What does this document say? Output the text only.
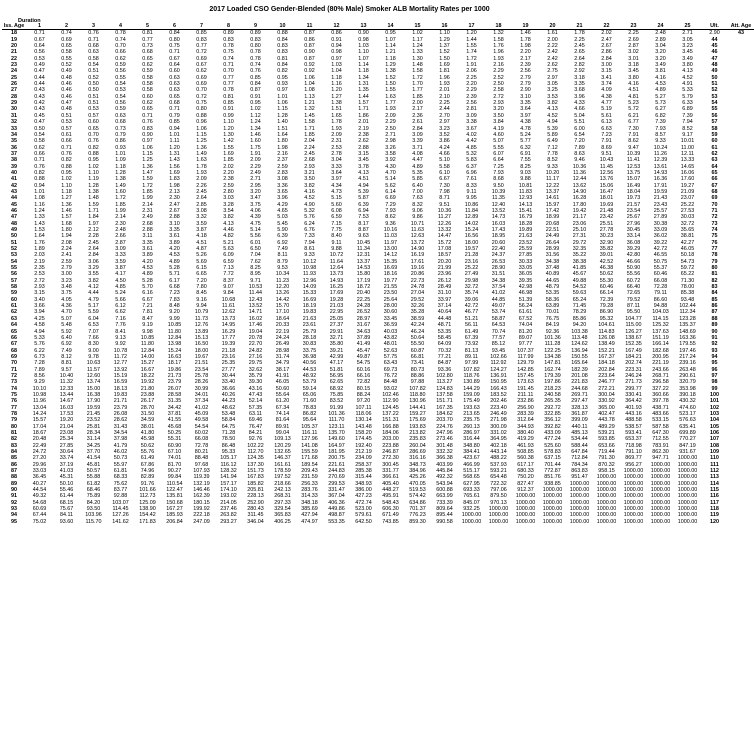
2017 Loaded CSO Gender-Blended (80% Male) Smoker ALB Mortality Rates per 1000
Duration
Iss. Age	1	2	3	4	5	6	7	8	9	10	11	12	13	14	15	16	17	18	19	20	21	22	23	24	25	Ult.	Att. Age
18	0.71	0.74	0.76	0.78	0.81	0.84	0.85	0.89	0.89	0.88	0.87	0.86	0.90	0.95	1.02	1.10	1.20	1.32	1.46	1.61	1.78	2.02	2.25	2.48	2.71	2.90	43
19	0.67	0.69	0.71	0.74	0.77	0.80	0.83	0.83	0.83	0.84	0.86	0.91	0.98	1.07	1.17	1.29	1.44	1.58	1.78	2.00	2.25	2.47	2.69	2.89	3.05	44	
20	0.64	0.65	0.68	0.70	0.73	0.75	0.77	0.78	0.80	0.83	0.87	0.94	1.03	1.14	1.24	1.37	1.55	1.76	1.98	2.22	2.45	2.67	2.87	3.04	3.23	45	
21	0.56	0.58	0.63	0.66	0.68	0.71	0.72	0.75	0.78	0.83	0.90	0.98	1.10	1.21	1.33	1.52	1.74	1.96	2.20	2.42	2.65	2.86	3.02	3.20	3.45	46	
22	0.53	0.55	0.58	0.62	0.65	0.67	0.69	0.74	0.78	0.81	0.87	0.97	1.07	1.18	1.30	1.50	1.72	1.93	2.17	2.42	2.64	2.84	3.01	3.20	3.49	47	
23	0.49	0.52	0.54	0.59	0.62	0.64	0.67	0.71	0.74	0.84	0.92	1.03	1.14	1.29	1.48	1.69	1.91	2.16	2.39	2.62	2.82	3.00	3.18	3.49	3.80	48	
24	0.47	0.49	0.51	0.56	0.59	0.60	0.62	0.70	0.76	0.82	0.92	1.04	1.18	1.38	1.58	1.81	2.06	2.29	2.56	2.75	2.92	3.15	3.45	3.81	4.13	49	
25	0.44	0.48	0.52	0.55	0.58	0.63	0.69	0.77	0.85	0.95	1.06	1.18	1.34	1.52	1.72	1.96	2.25	2.52	2.79	2.97	3.18	3.41	3.80	4.16	4.52	50	
26	0.44	0.46	0.50	0.54	0.58	0.63	0.69	0.77	0.84	0.93	1.04	1.16	1.31	1.50	1.70	1.93	2.20	2.50	2.79	3.05	3.35	3.74	4.16	4.53	4.91	51	
27	0.43	0.46	0.50	0.53	0.58	0.63	0.70	0.78	0.87	0.97	1.08	1.20	1.35	1.55	1.77	2.01	2.29	2.58	2.90	3.25	3.68	4.09	4.51	4.89	5.33	52	
28	0.43	0.46	0.51	0.54	0.60	0.65	0.72	0.81	0.91	1.01	1.13	1.27	1.44	1.63	1.85	2.10	2.39	2.72	3.10	3.53	3.96	4.38	4.81	5.27	5.79	53	
29	0.42	0.47	0.51	0.56	0.62	0.68	0.75	0.85	0.95	1.06	1.21	1.38	1.57	1.77	2.00	2.25	2.56	2.93	3.35	3.82	4.33	4.77	5.23	5.73	6.33	54	
30	0.43	0.48	0.53	0.59	0.65	0.71	0.80	0.91	1.02	1.15	1.32	1.51	1.71	1.93	2.17	2.44	2.81	3.20	3.64	4.13	4.66	5.19	5.72	6.27	6.89	55	
31	0.45	0.51	0.57	0.63	0.71	0.79	0.88	0.99	1.12	1.28	1.45	1.65	1.86	2.09	2.36	2.70	3.09	3.50	3.97	4.52	5.04	5.61	6.21	6.82	7.39	56	
32	0.47	0.53	0.60	0.68	0.76	0.85	0.96	1.10	1.24	1.40	1.58	1.78	2.01	2.29	2.61	2.97	3.38	3.84	4.38	4.94	5.51	6.13	6.77	7.39	7.94	57	
33	0.50	0.57	0.65	0.73	0.83	0.94	1.06	1.20	1.34	1.51	1.71	1.93	2.19	2.50	2.84	3.23	3.67	4.19	4.78	5.39	6.00	6.63	7.30	7.93	8.52	58	
34	0.54	0.61	0.70	0.79	0.90	1.01	1.15	1.30	1.46	1.64	1.85	2.09	2.38	2.71	3.09	3.52	4.02	4.60	5.24	5.89	6.54	7.23	7.91	8.57	9.17	59	
35	0.58	0.66	0.76	0.86	0.97	1.11	1.25	1.42	1.60	1.80	2.04	2.31	2.62	2.98	3.39	3.86	4.42	5.07	5.77	6.49	7.20	7.91	8.62	9.33	10.01	60	
36	0.62	0.71	0.82	0.93	1.06	1.20	1.36	1.55	1.75	1.98	2.24	2.53	2.88	3.26	3.71	4.24	4.85	5.55	6.32	7.12	7.89	8.69	9.47	10.24	11.00	61	
37	0.66	0.76	0.88	1.01	1.15	1.31	1.49	1.69	1.91	2.16	2.45	2.78	3.15	3.58	4.08	4.66	5.32	6.07	6.91	7.78	8.63	9.51	10.39	11.26	12.11	62	
38	0.71	0.82	0.95	1.09	1.25	1.43	1.63	1.85	2.09	2.37	2.68	3.04	3.45	3.92	4.47	5.10	5.83	6.64	7.55	8.52	9.46	10.43	11.41	12.39	13.33	63	
39	0.76	0.88	1.02	1.18	1.36	1.56	1.78	2.02	2.29	2.59	2.93	3.33	3.78	4.30	4.89	5.58	6.37	7.25	8.25	9.33	10.36	11.45	12.53	13.61	14.65	64	
40	0.82	0.95	1.10	1.28	1.47	1.69	1.93	2.20	2.49	2.83	3.21	3.64	4.13	4.70	5.35	6.10	6.96	7.93	9.03	10.20	11.36	12.56	13.75	14.93	16.06	65	
41	0.88	1.02	1.19	1.38	1.59	1.83	2.09	2.38	2.71	3.08	3.50	3.97	4.51	5.14	5.85	6.67	7.61	8.68	9.88	11.17	12.44	13.76	15.07	16.36	17.60	66	
42	0.94	1.10	1.28	1.49	1.72	1.98	2.26	2.59	2.95	3.36	3.82	4.34	4.94	5.62	6.40	7.30	8.33	9.50	10.81	12.22	13.62	15.06	16.49	17.91	19.27	67	
43	1.01	1.18	1.38	1.60	1.85	2.13	2.45	2.80	3.20	3.65	4.16	4.73	5.39	6.14	7.00	7.98	9.11	10.39	11.83	13.37	14.90	16.47	18.04	19.59	21.09	68	
44	1.08	1.27	1.48	1.72	1.99	2.30	2.64	3.03	3.47	3.96	4.52	5.15	5.87	6.69	7.63	8.71	9.95	11.35	12.93	14.61	16.28	18.01	19.73	21.43	23.07	69	
45	1.16	1.36	1.59	1.85	2.14	2.47	2.85	3.28	3.75	4.29	4.90	5.60	6.39	7.29	8.32	9.51	10.86	12.40	14.13	15.97	17.80	19.69	21.57	23.43	25.22	70	
46	1.24	1.46	1.71	1.99	2.31	2.67	3.08	3.54	4.06	4.65	5.32	6.08	6.94	7.93	9.06	10.36	11.84	13.52	15.41	17.42	19.42	21.48	23.54	25.57	27.53	71	
47	1.33	1.57	1.84	2.14	2.49	2.88	3.32	3.82	4.39	5.03	5.76	6.59	7.53	8.62	9.86	11.27	12.89	14.73	16.79	18.99	21.17	23.42	25.67	27.89	30.03	72	
48	1.43	1.68	1.97	2.30	2.68	3.10	3.59	4.13	4.75	5.45	6.24	7.15	8.17	9.36	10.71	12.26	14.02	16.03	18.28	20.68	23.06	25.51	27.96	30.38	32.72	73	
49	1.53	1.80	2.12	2.48	2.88	3.35	3.87	4.46	5.14	5.90	6.76	7.75	8.87	10.16	11.63	13.32	15.24	17.43	19.89	22.51	25.10	27.78	30.45	33.09	35.65	74	
50	1.64	1.94	2.28	2.66	3.11	3.61	4.18	4.82	5.56	6.39	7.33	8.40	9.63	11.03	12.63	14.47	16.56	18.95	21.63	24.49	27.31	30.23	33.14	36.02	38.81	75	
51	1.76	2.08	2.45	2.87	3.35	3.89	4.51	5.21	6.01	6.92	7.94	9.11	10.45	11.97	13.72	15.72	18.00	20.60	23.52	26.64	29.72	32.90	36.08	39.22	42.27	76	
52	1.89	2.24	2.64	3.09	3.61	4.20	4.87	5.63	6.50	7.49	8.61	9.88	11.34	13.00	14.90	17.08	19.57	22.40	25.59	28.99	32.35	35.82	39.29	42.72	46.05	77	
53	2.03	2.41	2.84	3.33	3.89	4.53	5.26	6.09	7.04	8.11	9.33	10.72	12.31	14.12	16.19	18.57	21.28	24.37	27.85	31.56	35.22	39.01	42.80	46.55	50.18	78	
54	2.19	2.59	3.06	3.59	4.20	4.89	5.69	6.59	7.62	8.79	10.12	11.64	13.37	15.35	17.61	20.20	23.16	26.53	30.33	34.38	38.38	42.52	46.66	50.75	54.73	79	
55	2.35	2.79	3.29	3.87	4.53	5.28	6.15	7.13	8.25	9.53	10.98	12.64	14.53	16.69	19.16	21.99	25.22	28.90	33.05	37.48	41.85	46.38	50.90	55.37	59.72	80	
56	2.53	3.00	3.55	4.17	4.89	5.71	6.65	7.72	8.95	10.34	11.93	13.73	15.80	18.16	20.86	23.96	27.49	31.51	36.05	40.89	45.67	50.62	55.56	60.46	65.22	81	
57	2.72	3.23	3.82	4.50	5.28	6.17	7.20	8.37	9.71	11.23	12.96	14.93	17.19	19.77	22.73	26.12	29.98	34.38	39.35	44.65	49.88	55.30	60.72	66.08	71.30	82	
58	2.93	3.48	4.12	4.85	5.70	6.68	7.80	9.07	10.53	12.20	14.09	16.25	18.72	21.55	24.78	28.49	32.72	37.54	42.98	48.79	54.52	60.46	66.40	72.28	78.00	83	
59	3.15	3.75	4.44	5.24	6.16	7.23	8.45	9.84	11.44	13.26	15.33	17.69	20.40	23.50	27.04	31.10	35.74	41.02	46.98	53.35	59.63	66.14	72.65	79.11	85.38	84	
60	3.40	4.05	4.79	5.66	6.67	7.83	9.16	10.68	12.43	14.42	16.69	19.28	22.25	25.64	29.52	33.97	39.06	44.85	51.39	58.36	65.24	72.39	79.52	86.60	93.48	85	
61	3.66	4.36	5.17	6.12	7.21	8.48	9.94	11.61	13.52	15.70	18.19	21.03	24.28	28.00	32.26	37.14	42.72	49.07	56.24	63.89	71.45	79.28	87.11	94.88	102.44	86	
62	3.94	4.70	5.59	6.62	7.81	9.20	10.79	12.62	14.71	17.10	19.83	22.95	26.52	30.60	35.28	40.64	46.77	53.74	61.61	70.01	78.29	86.90	95.50	104.03	112.34	87	
63	4.25	5.07	6.04	7.16	8.47	9.99	11.73	13.73	16.02	18.64	21.63	25.05	28.97	33.45	38.59	44.48	51.21	58.87	67.52	76.75	85.86	95.32	104.77	114.15	123.28	88	
64	4.58	5.48	6.53	7.76	9.19	10.85	12.76	14.95	17.46	20.33	23.61	27.37	31.67	36.59	42.24	48.71	56.11	64.53	74.04	84.19	94.20	104.61	115.00	125.32	135.37	89	
65	4.94	5.92	7.07	8.41	9.98	11.80	13.89	16.29	19.04	22.19	25.79	29.91	34.63	40.03	46.24	53.35	61.49	70.74	81.20	92.36	103.38	114.83	126.27	137.63	148.69	90	
66	5.33	6.40	7.66	9.13	10.85	12.84	15.13	17.77	20.78	24.24	28.18	32.71	37.89	43.82	50.64	58.45	67.39	77.57	89.07	101.36	113.48	126.08	138.67	151.19	163.36	91	
67	5.76	6.92	8.30	9.92	11.80	13.98	16.50	19.39	22.70	26.49	30.83	35.80	41.49	48.01	55.50	64.09	73.92	85.12	97.77	111.28	124.62	138.49	152.35	166.14	179.55	92	
68	6.22	7.49	9.00	10.78	12.84	15.24	18.00	21.18	24.82	28.98	33.75	39.21	45.47	52.63	60.87	70.32	81.13	93.45	107.37	122.25	136.94	152.21	167.49	182.68	197.46	93	
69	6.73	8.12	9.78	11.72	14.00	16.63	19.67	23.16	27.16	31.74	36.98	42.99	49.87	57.75	66.81	77.21	89.11	102.66	117.99	134.38	150.55	167.37	184.21	200.95	217.24	94	
70	7.28	8.81	10.63	12.77	15.27	18.17	21.51	25.35	29.75	34.79	40.56	47.17	54.75	63.43	73.41	84.87	97.99	112.92	129.79	147.81	165.64	184.18	202.74	221.19	239.16	95	
71	7.89	9.57	11.57	13.92	16.67	19.86	23.54	27.77	32.62	38.17	44.53	51.81	60.16	69.73	80.73	93.36	107.82	124.27	142.85	162.74	182.39	202.84	223.31	243.66	263.48	96	
72	8.56	10.40	12.60	15.19	18.22	21.73	25.78	30.44	35.79	41.91	48.92	56.95	66.16	76.72	88.86	102.80	118.76	136.91	157.45	179.39	201.08	223.64	246.24	268.71	290.61	97	
73	9.29	11.32	13.74	16.59	19.92	23.79	28.26	33.40	39.30	46.05	53.79	62.65	72.82	84.48	97.88	113.27	130.89	150.95	173.63	197.86	221.83	246.77	271.73	296.58	320.79	98	
74	10.10	12.33	15.00	18.13	21.80	26.07	30.99	36.66	43.16	50.60	59.14	68.92	80.15	93.02	107.82	124.83	144.29	166.43	191.45	218.23	244.68	272.21	299.77	327.22	353.98	99	
75	10.98	13.44	16.38	19.83	23.88	28.58	34.01	40.26	47.43	55.64	65.06	75.85	88.24	102.46	118.80	137.58	159.09	183.52	211.11	240.58	269.71	300.04	330.41	360.66	390.18	100	
76	11.96	14.67	17.90	21.71	26.17	31.35	37.34	44.23	52.14	61.20	71.60	83.52	97.20	112.90	130.96	151.71	175.49	202.46	232.86	265.35	297.47	330.92	364.42	397.78	430.32	101	
77	13.04	16.03	19.59	23.79	28.70	34.42	41.02	48.62	57.35	67.34	78.83	91.99	107.11	124.45	144.41	167.35	193.63	223.40	256.90	292.72	328.13	365.00	401.93	438.71	474.60	102	
78	14.24	17.53	21.45	26.08	31.50	37.81	45.09	53.48	63.11	74.14	86.82	101.36	118.06	137.22	159.27	184.62	213.65	246.49	283.39	322.85	361.87	402.47	443.16	483.66	523.17	103	
79	15.57	19.20	23.52	28.62	34.59	41.55	49.58	58.84	69.46	81.64	95.64	111.70	130.14	151.31	175.69	203.70	235.75	271.98	312.64	356.12	399.09	443.78	488.58	533.15	576.63	104	
80	17.04	21.04	25.81	31.43	38.01	45.68	54.54	64.75	76.47	89.91	105.37	123.11	143.48	166.88	193.83	224.76	260.13	300.09	344.93	392.82	440.11	489.29	538.57	587.58	635.41	105	
81	18.67	23.08	28.34	34.54	41.80	50.25	60.02	71.28	84.21	99.04	116.11	135.70	158.20	184.06	213.82	247.96	286.97	331.02	380.40	433.09	485.13	539.21	593.41	647.30	699.89	106	
82	20.48	25.34	31.14	37.98	45.98	55.31	66.08	78.50	92.76	109.13	127.96	149.60	174.45	203.00	235.83	273.46	316.44	364.95	419.29	477.24	534.44	593.85	653.37	712.55	770.27	107	
83	22.49	27.85	34.25	41.79	50.62	60.90	72.78	86.48	102.22	120.29	141.08	164.97	192.40	223.88	260.04	301.48	348.80	402.18	461.93	525.60	588.44	653.66	718.98	783.91	847.19	108	
84	24.72	30.64	37.70	46.02	55.76	67.10	80.21	95.33	112.70	132.65	155.59	181.95	212.19	246.87	286.69	332.32	384.41	443.14	508.85	578.83	647.84	719.44	791.10	862.30	931.67	109	
85	27.20	33.74	41.54	50.73	61.49	74.01	88.48	105.17	124.35	146.37	171.68	200.75	234.09	272.30	316.16	366.38	423.67	488.22	560.38	637.15	712.84	791.30	869.77	947.71	1000.00	110	
86	29.96	37.19	45.81	55.97	67.86	81.70	97.68	116.12	137.30	161.61	189.54	221.61	258.37	300.45	348.73	403.99	466.99	537.93	617.17	701.44	784.34	870.32	956.27	1000.00	1000.00	111	
87	33.03	41.03	50.57	61.81	74.96	90.27	107.93	128.32	151.73	178.59	209.43	244.83	285.38	331.77	384.96	445.84	515.17	593.21	680.33	772.87	863.83	958.15	1000.00	1000.00	1000.00	112	
88	36.45	45.31	55.88	68.33	82.89	99.84	119.39	141.94	167.83	197.52	231.59	270.69	315.44	366.61	425.26	492.32	568.65	654.48	750.20	851.76	951.47	1000.00	1000.00	1000.00	1000.00	113	
89	40.27	50.10	61.82	75.62	91.76	110.54	132.19	157.17	185.82	218.66	256.33	299.53	348.93	405.40	470.05	543.94	627.95	722.32	827.47	938.85	1000.00	1000.00	1000.00	1000.00	1000.00	114	
90	44.54	55.46	68.46	83.77	101.66	122.47	146.46	174.10	205.81	242.13	283.76	331.47	386.00	448.27	519.53	600.88	693.33	797.06	912.37	1000.00	1000.00	1000.00	1000.00	1000.00	1000.00	115	
91	49.32	61.44	75.89	92.88	112.73	135.81	162.39	193.02	228.13	268.31	314.33	367.04	427.23	495.91	574.42	663.99	765.61	879.50	1000.00	1000.00	1000.00	1000.00	1000.00	1000.00	1000.00	116	
92	54.68	68.15	84.20	103.07	125.09	150.68	180.15	214.05	252.90	297.33	348.18	406.36	472.74	548.43	634.86	733.39	845.07	970.13	1000.00	1000.00	1000.00	1000.00	1000.00	1000.00	1000.00	117	
93	60.69	75.67	93.50	114.45	138.90	167.27	199.92	237.46	280.43	329.54	385.69	449.86	523.00	606.30	701.37	809.64	932.25	1000.00	1000.00	1000.00	1000.00	1000.00	1000.00	1000.00	1000.00	118	
94	67.44	84.11	103.96	127.26	154.42	185.93	222.18	263.82	311.45	365.83	427.94	498.87	579.61	671.49	776.23	895.44	1000.00	1000.00	1000.00	1000.00	1000.00	1000.00	1000.00	1000.00	1000.00	119	
95	75.02	93.60	115.70	141.62	171.83	206.84	247.09	293.27	346.04	406.25	474.97	553.35	642.50	743.85	859.30	990.58	1000.00	1000.00	1000.00	1000.00	1000.00	1000.00	1000.00	1000.00	1000.00	120	
